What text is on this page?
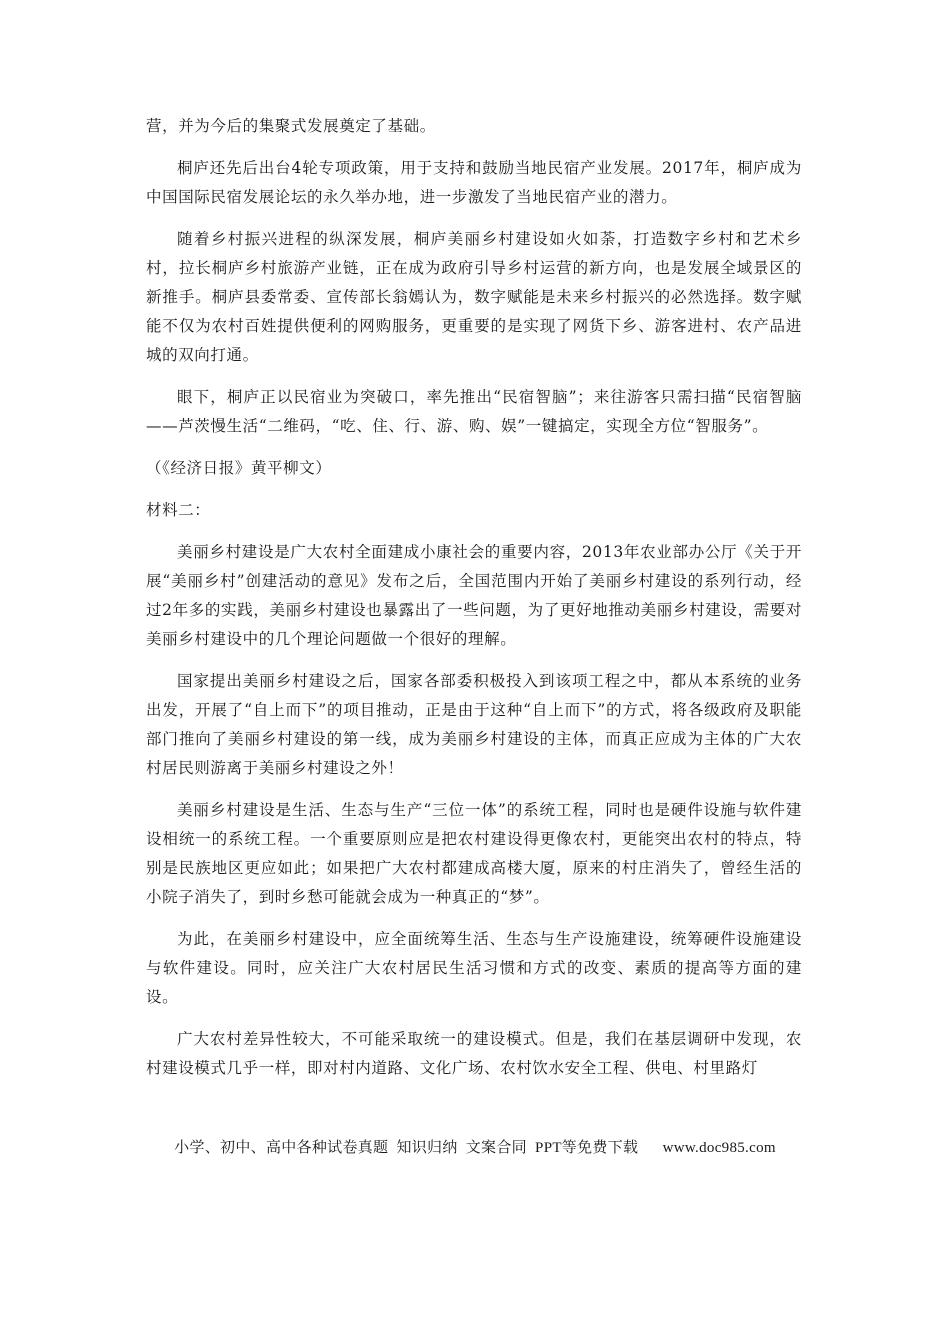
营，并为今后的集聚式发展奠定了基础。

桐庐还先后出台4轮专项政策，用于支持和鼓励当地民宿产业发展。2017年，桐庐成为中国国际民宿发展论坛的永久举办地，进一步激发了当地民宿产业的潜力。

随着乡村振兴进程的纵深发展，桐庐美丽乡村建设如火如荼，打造数字乡村和艺术乡村，拉长桐庐乡村旅游产业链，正在成为政府引导乡村运营的新方向，也是发展全域景区的新推手。桐庐县委常委、宣传部长翁嫣认为，数字赋能是未来乡村振兴的必然选择。数字赋能不仅为农村百姓提供便利的网购服务，更重要的是实现了网货下乡、游客进村、农产品进城的双向打通。

眼下，桐庐正以民宿业为突破口，率先推出“民宿智脑”；来往游客只需扫描“民宿智脑——芦茨慢生活“二维码，“吃、住、行、游、购、娱”一键搞定，实现全方位“智服务”。

（《经济日报》黄平柳文）

材料二：

美丽乡村建设是广大农村全面建成小康社会的重要内容，2013年农业部办公厅《关于开展“美丽乡村”创建活动的意见》发布之后，全国范围内开始了美丽乡村建设的系列行动，经过2年多的实践，美丽乡村建设也暴露出了一些问题，为了更好地推动美丽乡村建设，需要对美丽乡村建设中的几个理论问题做一个很好的理解。

国家提出美丽乡村建设之后，国家各部委积极投入到该项工程之中，都从本系统的业务出发，开展了“自上而下”的项目推动，正是由于这种“自上而下”的方式，将各级政府及职能部门推向了美丽乡村建设的第一线，成为美丽乡村建设的主体，而真正应成为主体的广大农村居民则游离于美丽乡村建设之外！

美丽乡村建设是生活、生态与生产“三位一体”的系统工程，同时也是硬件设施与软件建设相统一的系统工程。一个重要原则应是把农村建设得更像农村，更能突出农村的特点，特别是民族地区更应如此；如果把广大农村都建成高楼大厦，原来的村庄消失了，曾经生活的小院子消失了，到时乡愁可能就会成为一种真正的“梦”。

为此，在美丽乡村建设中，应全面统筹生活、生态与生产设施建设，统筹硬件设施建设与软件建设。同时，应关注广大农村居民生活习惯和方式的改变、素质的提高等方面的建设。

广大农村差异性较大，不可能采取统一的建设模式。但是，我们在基层调研中发现，农村建设模式几乎一样，即对村内道路、文化广场、农村饮水安全工程、供电、村里路灯

小学、初中、高中各种试卷真题  知识归纳  文案合同  PPT等免费下载 www.doc985.com
